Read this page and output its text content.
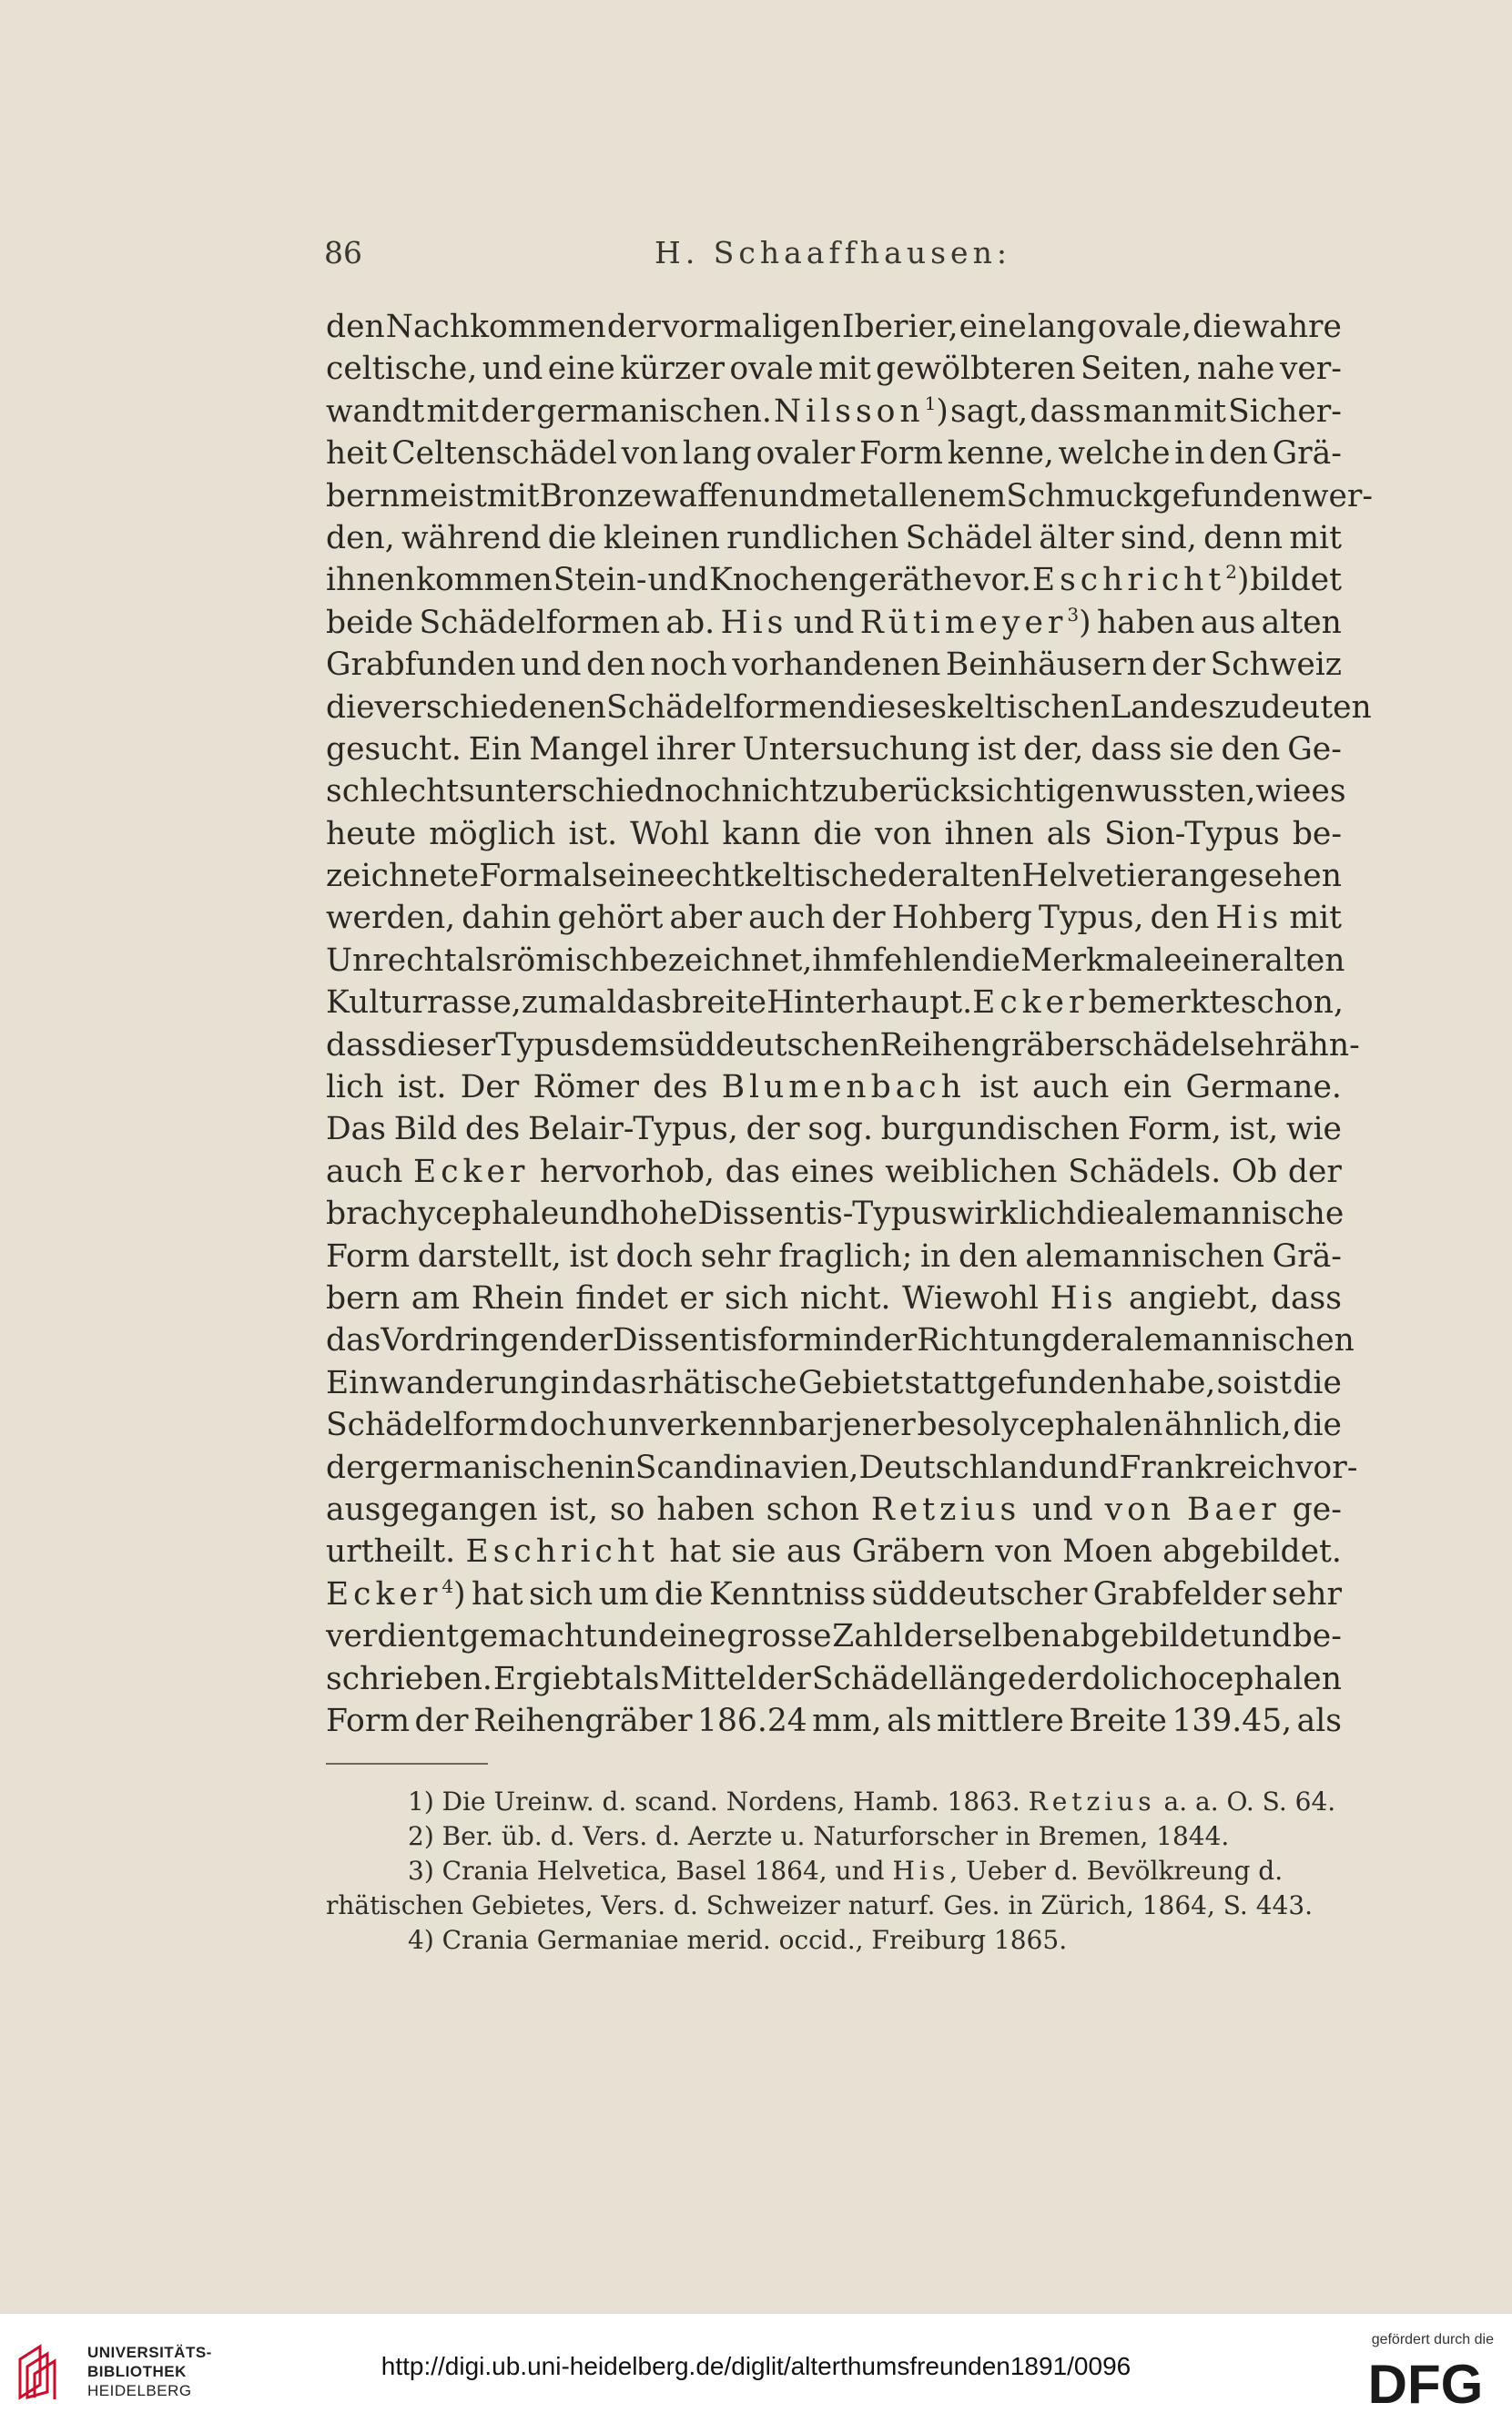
86	H. Schaaffhausen:
den Nachkommen der vormaligen Iberier, eine lang ovale, die wahre
celtische, und eine kürzer ovale mit gewölbteren Seiten, nahe ver-
wandt mit der germanischen. Nilsson$^1$) sagt, dass man mit Sicher-
heit Celtenschädel von lang ovaler Form kenne, welche in den Grä-
bern meist mit Bronzewaffen und metallenem Schmuck gefunden wer-
den, während die kleinen rundlichen Schädel älter sind, denn mit
ihnen kommen Stein- und Knochengeräthe vor. Eschricht$^2$) bildet
beide Schädelformen ab. His und Rütimeyer$^3$) haben aus alten
Grabfunden und den noch vorhandenen Beinhäusern der Schweiz
die verschiedenen Schädelformen dieses keltischen Landes zu deuten
gesucht. Ein Mangel ihrer Untersuchung ist der, dass sie den Ge-
schlechtsunterschied noch nicht zu berücksichtigen wussten, wie es
heute möglich ist. Wohl kann die von ihnen als Sion-Typus be-
zeichnete Form als eine echt keltische der alten Helvetier angesehen
werden, dahin gehört aber auch der Hohberg Typus, den His mit
Unrecht als römisch bezeichnet, ihm fehlen die Merkmale einer alten
Kulturrasse, zumal das breite Hinterhaupt. Ecker bemerkte schon,
dass dieser Typus dem süddeutschen Reihengräberschädel sehr ähn-
lich ist. Der Römer des Blumenbach ist auch ein Germane.
Das Bild des Belair-Typus, der sog. burgundischen Form, ist, wie
auch Ecker hervorhob, das eines weiblichen Schädels. Ob der
brachycephale und hohe Dissentis-Typus wirklich die alemannische
Form darstellt, ist doch sehr fraglich; in den alemannischen Grä-
bern am Rhein findet er sich nicht. Wiewohl His angiebt, dass
das Vordringen der Dissentisform in der Richtung der alemannischen
Einwanderung in das rhätische Gebiet stattgefunden habe, so ist die
Schädelform doch unverkennbar jener besolycephalen ähnlich, die
der germanischen in Scandinavien, Deutschland und Frankreich vor-
ausgegangen ist, so haben schon Retzius und von Baer ge-
urtheilt. Eschricht hat sie aus Gräbern von Moen abgebildet.
Ecker$^4$) hat sich um die Kenntniss süddeutscher Grabfelder sehr
verdient gemacht und eine grosse Zahl derselben abgebildet und be-
schrieben. Er giebt als Mittel der Schädellänge der dolichocephalen
Form der Reihengräber 186.24 mm, als mittlere Breite 139.45, als
1) Die Ureinw. d. scand. Nordens, Hamb. 1863. Retzius a. a. O. S. 64.
2) Ber. üb. d. Vers. d. Aerzte u. Naturforscher in Bremen, 1844.
3) Crania Helvetica, Basel 1864, und His, Ueber d. Bevölkreung d.
rhätischen Gebietes, Vers. d. Schweizer naturf. Ges. in Zürich, 1864, S. 443.
4) Crania Germaniae merid. occid., Freiburg 1865.
UNIVERSITÄTS-
BIBLIOTHEK
HEIDELBERG
http://digi.ub.uni-heidelberg.de/diglit/alterthumsfreunden1891/0096
gefördert durch die
DFG
